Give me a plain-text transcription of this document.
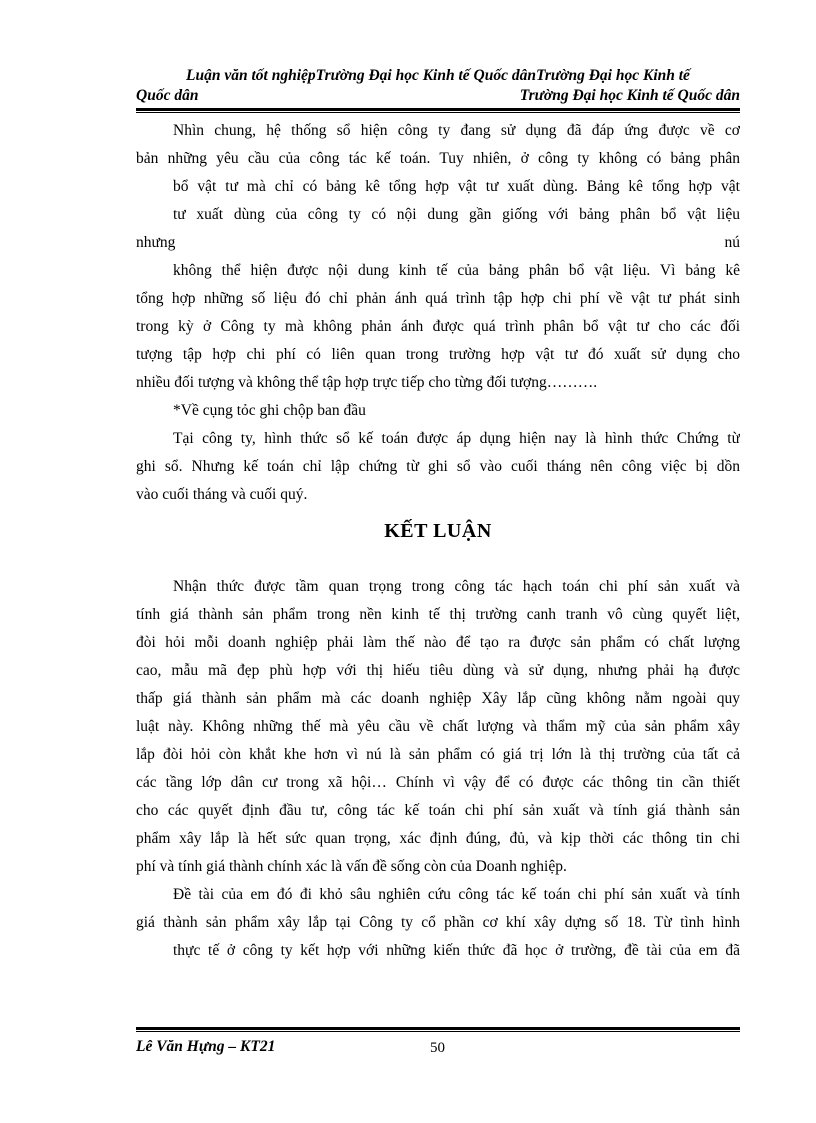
Luận văn tốt nghiệpTrường Đại học Kinh tế Quốc dânTrường Đại học Kinh tế
Quốc dân	Trường Đại học Kinh tế Quốc dân
Nhìn chung, hệ thống sổ hiện công ty đang sử dụng đã đáp ứng được về cơ
bản những yêu cầu của công tác kế toán. Tuy nhiên, ở công ty không có bảng phân
bổ vật tư mà chỉ có bảng kê tổng hợp vật tư xuất dùng. Bảng kê tổng hợp vật
tư xuất dùng của công ty có nội dung gần giống với bảng phân bổ vật liệu
nhưng	nú
không thể hiện được nội dung kinh tế của bảng phân bổ vật liệu. Vì bảng kê
tổng hợp những số liệu đó chỉ phản ánh quá trình tập hợp chi phí về vật tư phát sinh
trong kỳ ở Công ty mà không phản ánh được quá trình phân bổ vật tư cho các đối
tượng tập hợp chi phí có liên quan trong trường hợp vật tư đó xuất sử dụng cho
nhiều đối tượng và không thể tập hợp trực tiếp cho từng đối tượng……….
*Về cụng tỏc ghi chộp ban đầu
Tại công ty, hình thức sổ kế toán được áp dụng hiện nay là hình thức Chứng từ
ghi sổ. Nhưng kế toán chỉ lập chứng từ ghi sổ vào cuối tháng nên công việc bị dồn
vào cuối tháng và cuối quý.
KẾT LUẬN
Nhận thức được tầm quan trọng trong công tác hạch toán chi phí sản xuất và
tính giá thành sản phẩm trong nền kinh tế thị trường canh tranh vô cùng quyết liệt,
đòi hỏi mỗi doanh nghiệp phải làm thế nào để tạo ra được sản phẩm có chất lượng
cao, mẫu mã đẹp phù hợp với thị hiếu tiêu dùng và sử dụng, nhưng phải hạ được
thấp giá thành sản phẩm mà các doanh nghiệp Xây lắp cũng không nằm ngoài quy
luật này. Không những thế mà yêu cầu về chất lượng và thẩm mỹ của sản phẩm xây
lắp đòi hỏi còn khắt khe hơn vì nú là sản phẩm có giá trị lớn là thị trường của tất cả
các tầng lớp dân cư trong xã hội… Chính vì vậy để có được các thông tin cần thiết
cho các quyết định đầu tư, công tác kế toán chi phí sản xuất và tính giá thành sản
phẩm xây lắp là hết sức quan trọng, xác định đúng, đủ, và kịp thời các thông tin chi
phí và tính giá thành chính xác là vấn đề sống còn của Doanh nghiệp.
Đề tài của em đó đi khỏ sâu nghiên cứu công tác kế toán chi phí sản xuất và tính
giá thành sản phẩm xây lắp tại Công ty cổ phần cơ khí xây dựng số 18. Từ tình hình
thực tế ở công ty kết hợp với những kiến thức đã học ở trường, đề tài của em đã
Lê Văn Hựng – KT21	50
